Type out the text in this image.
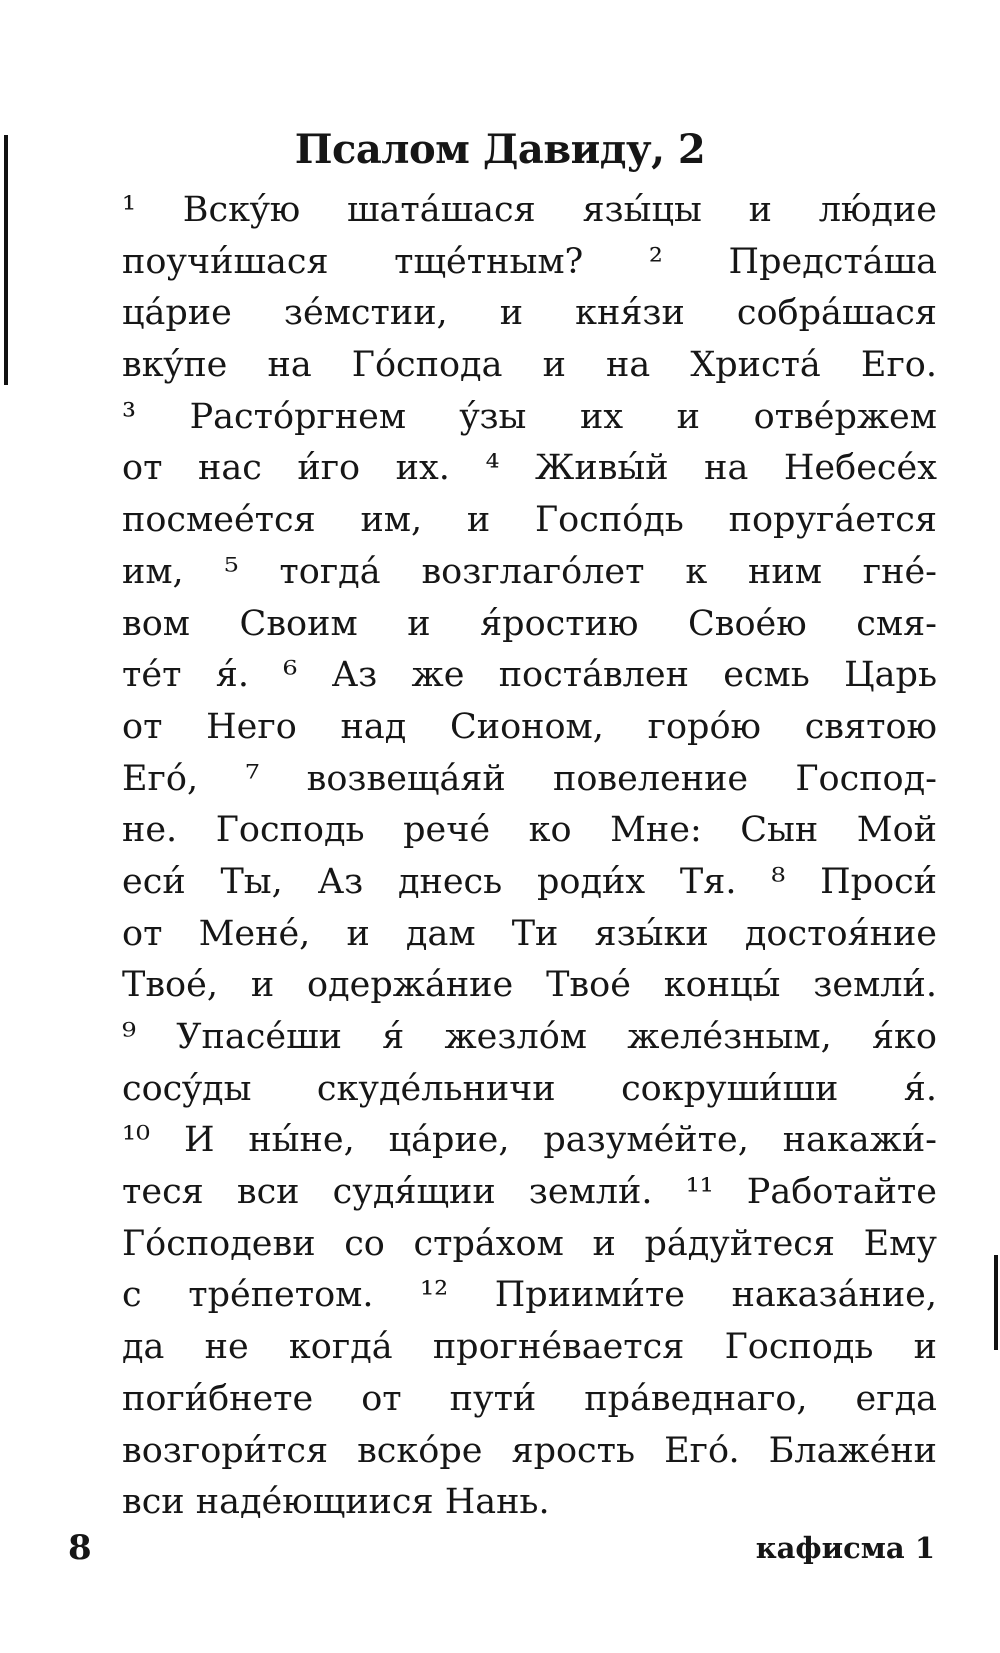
Псалом Давиду, 2
¹ Вскýю шатáшася язы́цы и лю́дие
поучи́шася тщéтным? ² Предстáша
цáрие зéмстии, и кня́зи собрáшася
вкýпе на Гóспода и на Христá Его.
³ Растóргнем ýзы их и отвéржем
от нас и́го их. ⁴ Живы́й на Небесéх
посмеéтся им, и Госпóдь поругáется
им, ⁵ тогдá возглагóлет к ним гнé-
вом Своим и я́ростию Своéю смя-
тéт я́. ⁶ Аз же постáвлен есмь Царь
от Него над Сионом, горóю святою
Егó, ⁷ возвещáяй повеление Господ-
не. Господь рече́ ко Мне: Сын Мой
еси́ Ты, Аз днесь роди́х Тя. ⁸ Проси́
от Мене́, и дам Ти язы́ки достоя́ние
Твое́, и одержáние Твое́ концы́ земли́.
⁹ Упасéши я́ жезлóм желéзным, я́ко
сосýды скудéльничи сокруши́ши я́.
¹⁰ И ны́не, цáрие, разумéйте, накажи́-
теся вси судя́щии земли́. ¹¹ Работайте
Гóсподеви со стрáхом и рáдуйтеся Ему
с трéпетом. ¹² Приими́те наказáние,
да не когдá прогнéвается Господь и
поги́бнете от пути́ прáведнаго, егда
возгори́тся вскóре ярость Егó. Блажéни
вси надéющиися Нань.
8	кафисма 1
